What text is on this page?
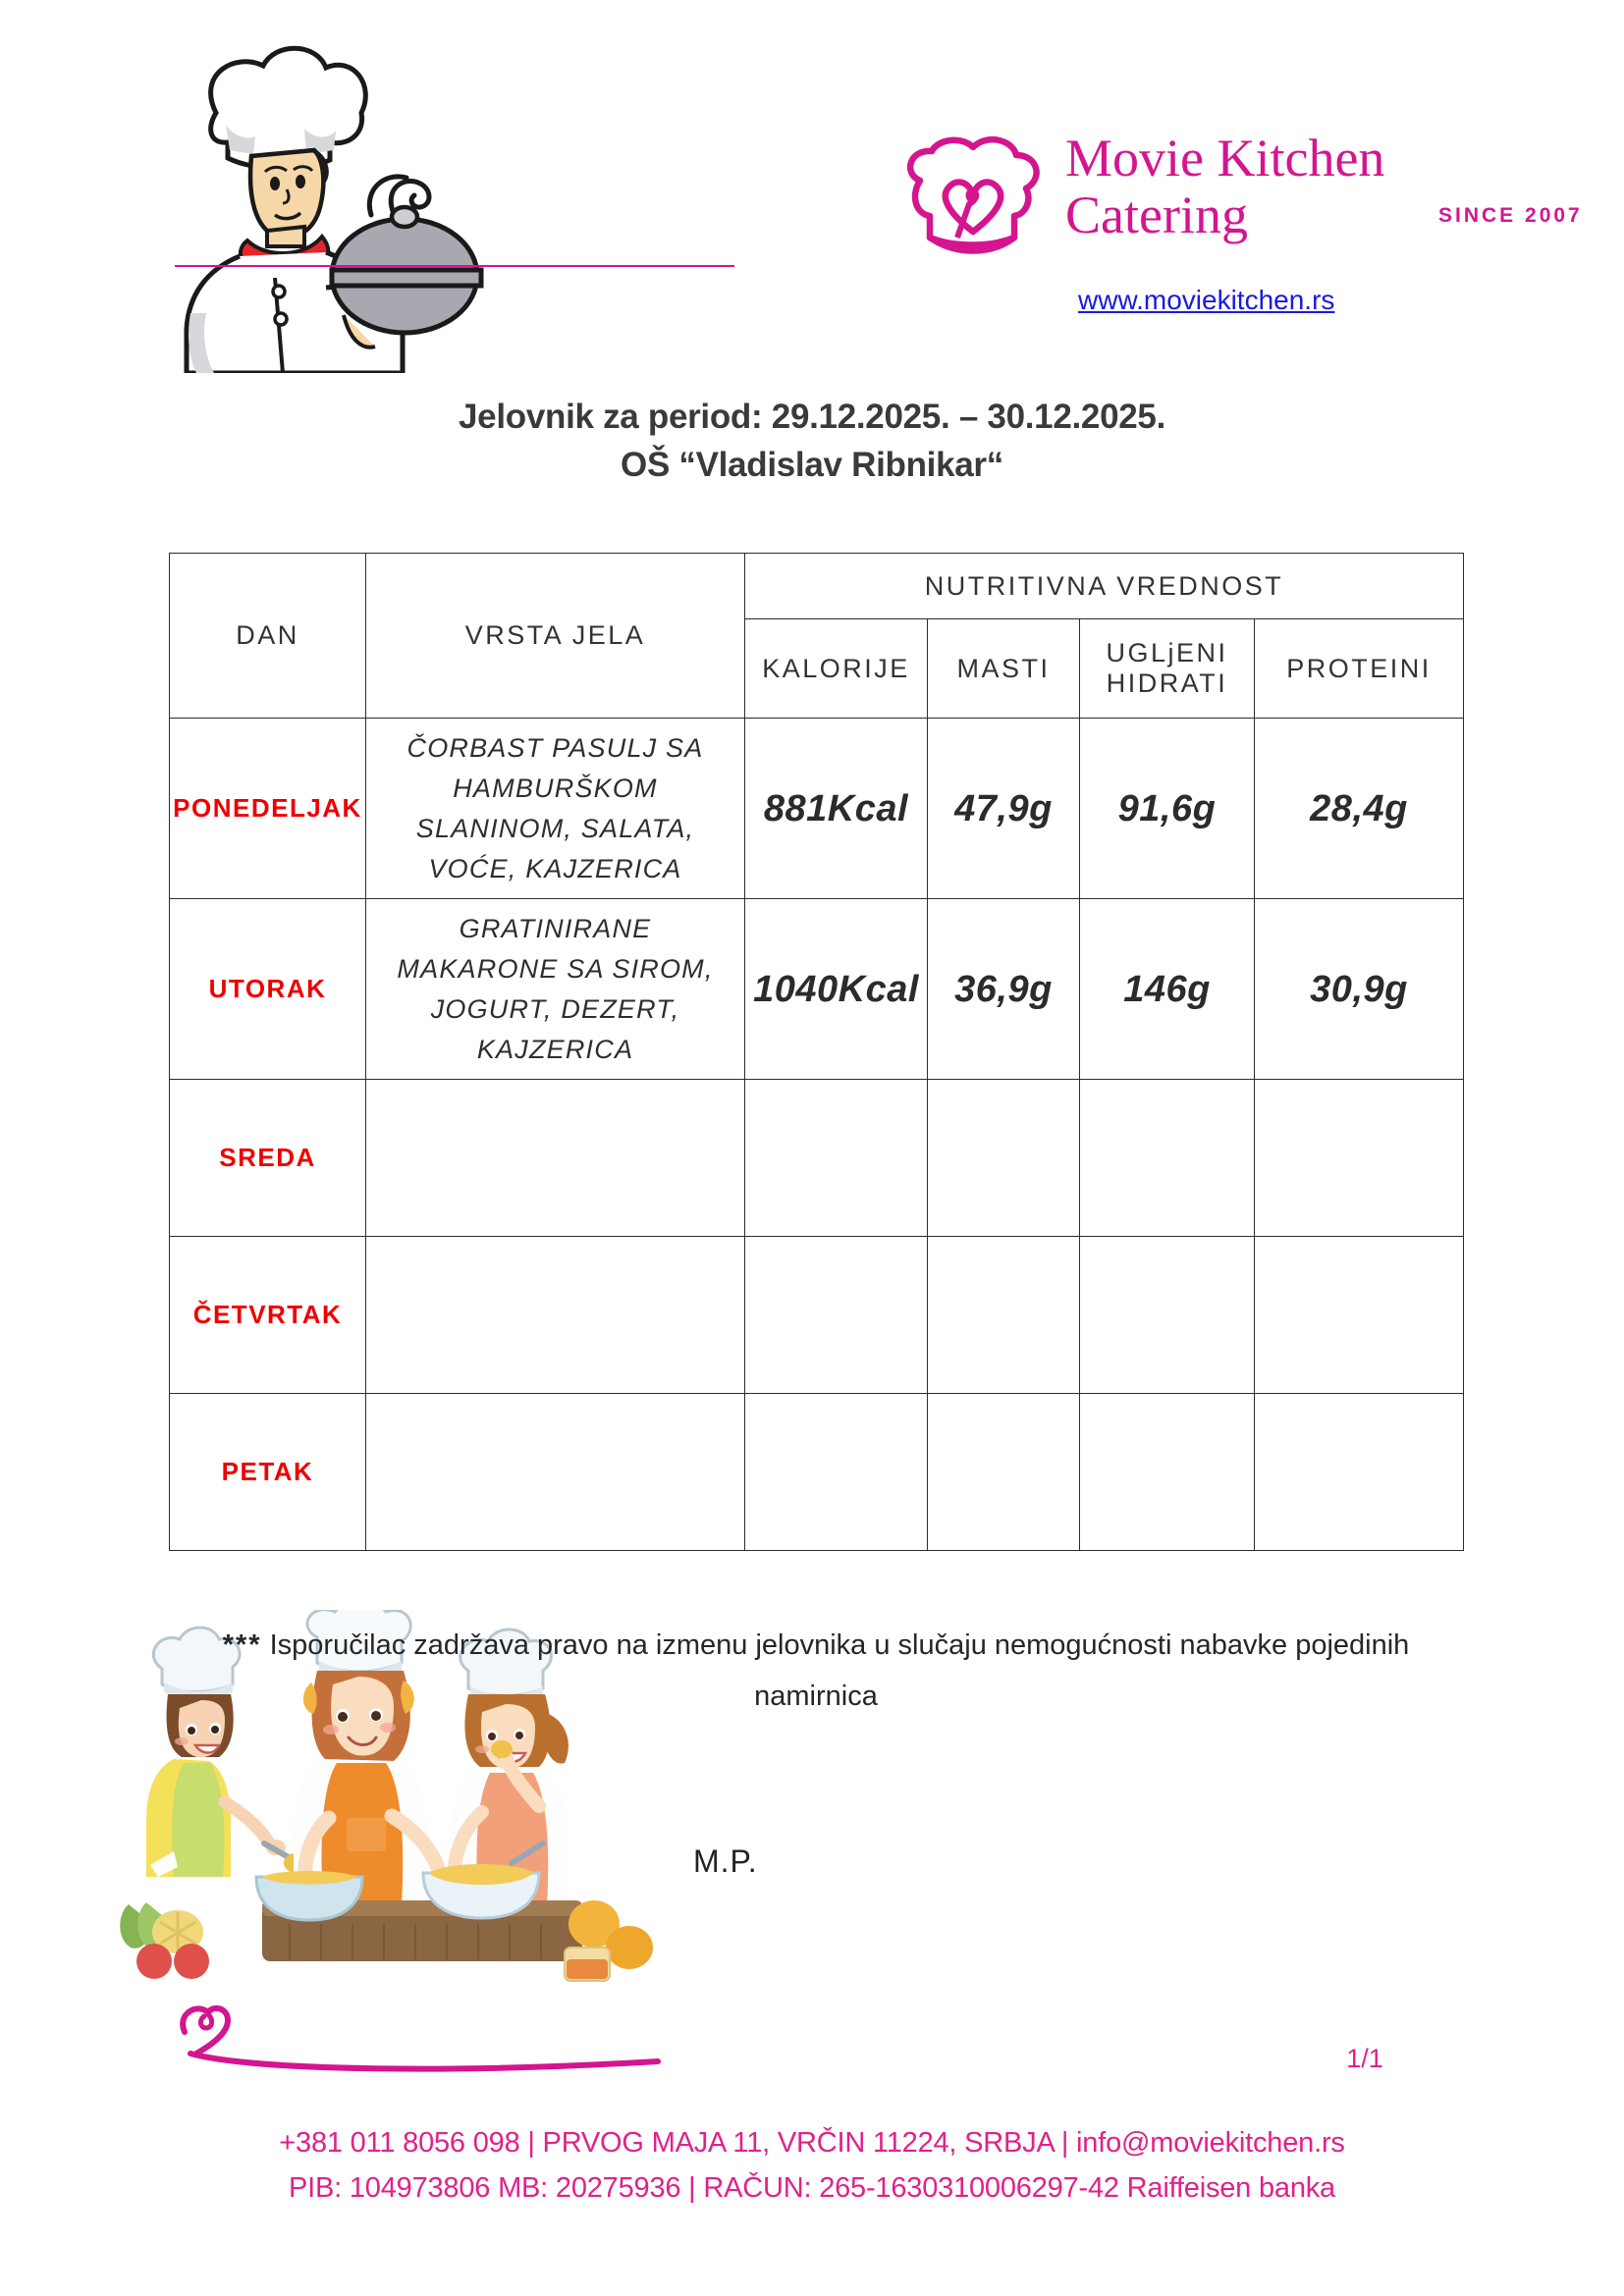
Movie Kitchen
Catering	SINCE 2007
www.moviekitchen.rs
Jelovnik za period: 29.12.2025. – 30.12.2025.
OŠ “Vladislav Ribnikar“
DAN	VRSTA JELA	NUTRITIVNA VREDNOST			
		KALORIJE	MASTI	UGLjENI HIDRATI	PROTEINI
PONEDELJAK	ČORBAST PASULJ SA HAMBURŠKOM SLANINOM, SALATA, VOĆE, KAJZERICA	881Kcal	47,9g	91,6g	28,4g
UTORAK	GRATINIRANE MAKARONE SA SIROM, JOGURT, DEZERT, KAJZERICA	1040Kcal	36,9g	146g	30,9g
SREDA					
ČETVRTAK					
PETAK					
*** Isporučilac zadržava pravo na izmenu jelovnika u slučaju nemogućnosti nabavke pojedinih namirnica
M.P.
1/1
+381 011 8056 098 | PRVOG MAJA 11, VRČIN 11224, SRBJA | info@moviekitchen.rs
PIB: 104973806 MB: 20275936 | RAČUN: 265-1630310006297-42 Raiffeisen banka
